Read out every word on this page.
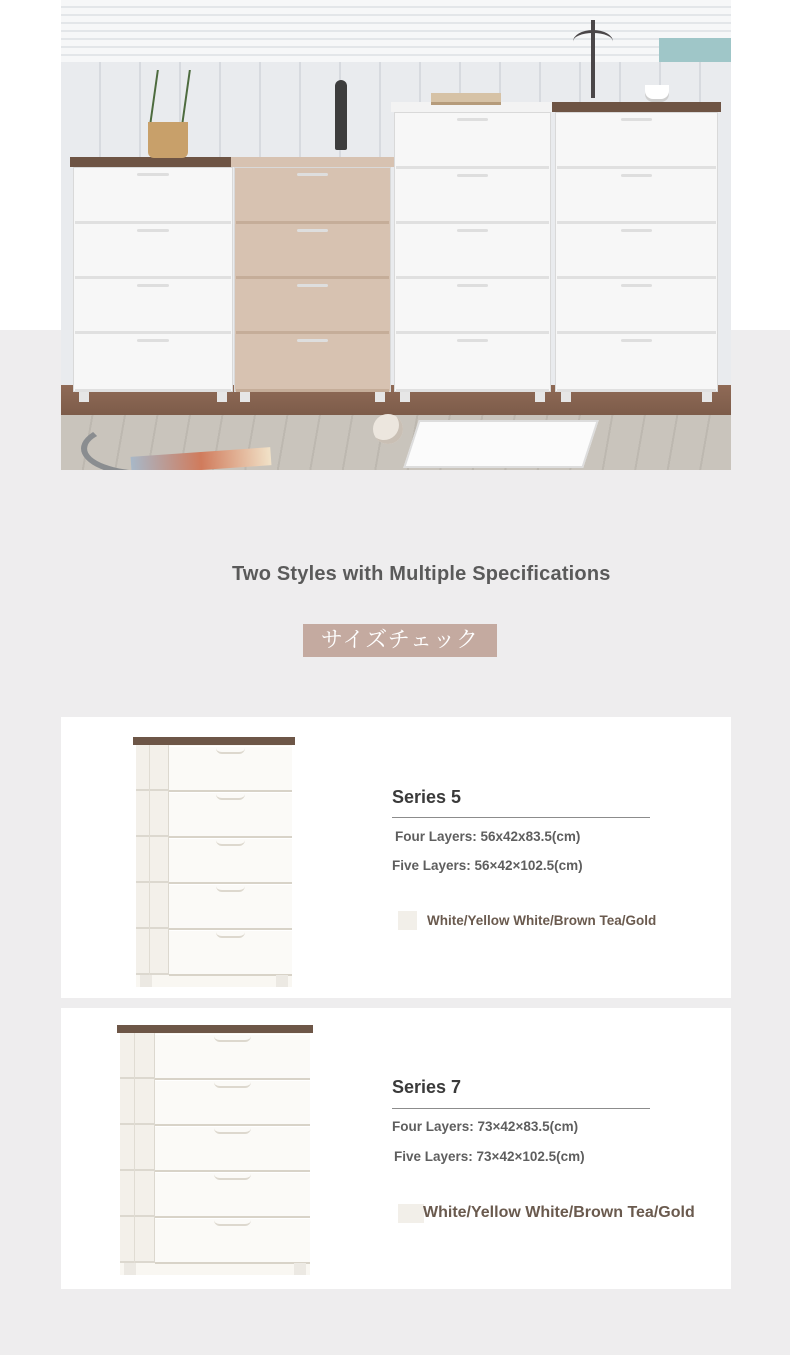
Two Styles with Multiple Specifications
サイズチェック
Series 5
Four Layers: 56x42x83.5(cm)
Five Layers: 56×42×102.5(cm)
White/Yellow White/Brown Tea/Gold
Series 7
Four Layers: 73×42×83.5(cm)
Five Layers: 73×42×102.5(cm)
White/Yellow White/Brown Tea/Gold
